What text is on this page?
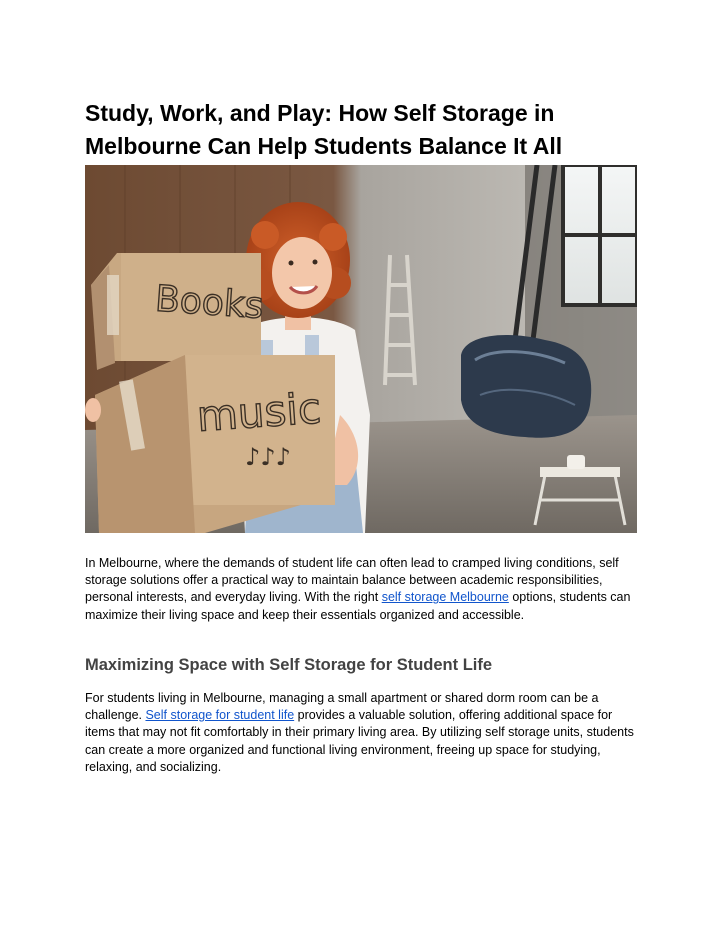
Study, Work, and Play: How Self Storage in Melbourne Can Help Students Balance It All
Books
music
♪♪♪

In Melbourne, where the demands of student life can often lead to cramped living conditions, self storage solutions offer a practical way to maintain balance between academic responsibilities, personal interests, and everyday living. With the right self storage Melbourne options, students can maximize their living space and keep their essentials organized and accessible.

Maximizing Space with Self Storage for Student Life

For students living in Melbourne, managing a small apartment or shared dorm room can be a challenge. Self storage for student life provides a valuable solution, offering additional space for items that may not fit comfortably in their primary living area. By utilizing self storage units, students can create a more organized and functional living environment, freeing up space for studying, relaxing, and socializing.
